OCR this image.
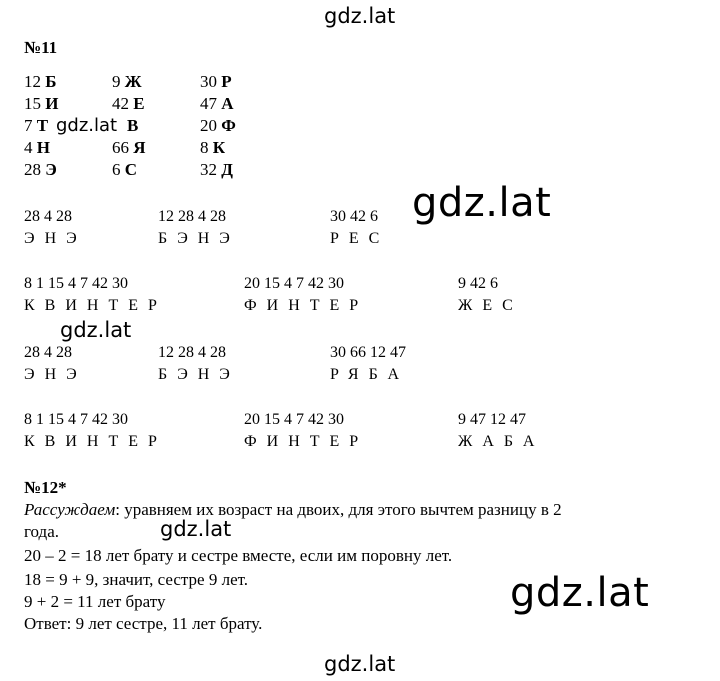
gdz.lat
gdz.lat
gdz.lat
gdz.lat
gdz.lat
gdz.lat
№11
12 Б
15 И
7 Т
4 Н
28 Э
gdz.lat
9 Ж
42 Е
В
66 Я
6 С
30 Р
47 А
20 Ф
8 К
32 Д
28 4 28
ЭНЭ
12 28 4 28
БЭНЭ
30 42 6
РЕС
8 1 15 4 7 42 30
КВИНТЕР
20 15 4 7 42 30
ФИНТЕР
9 42 6
ЖЕС
28 4 28
ЭНЭ
12 28 4 28
БЭНЭ
30 66 12 47
РЯБА
8 1 15 4 7 42 30
КВИНТЕР
20 15 4 7 42 30
ФИНТЕР
9 47 12 47
ЖАБА
№12*
Рассуждаем: уравняем их возраст на двоих, для этого вычтем разницу в 2
года.
20 – 2 = 18 лет брату и сестре вместе, если им поровну лет.
18 = 9 + 9, значит, сестре 9 лет.
9 + 2 = 11 лет брату
Ответ: 9 лет сестре, 11 лет брату.
